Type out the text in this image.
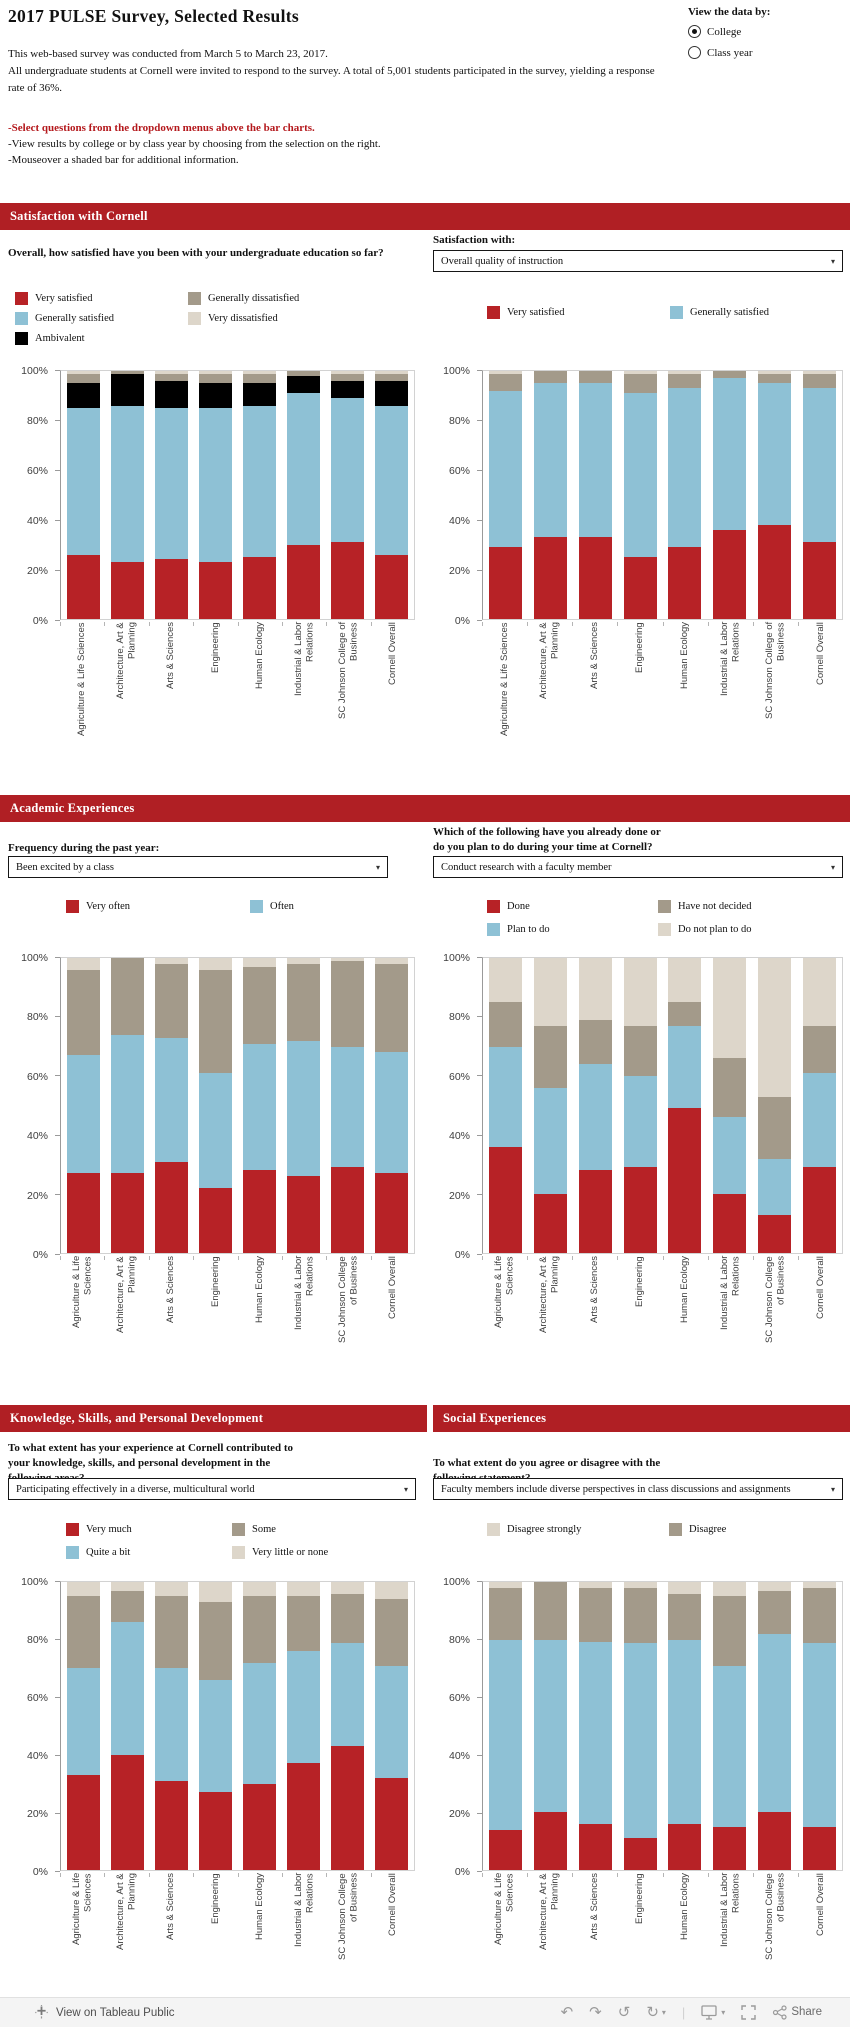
2017 PULSE Survey, Selected Results
This web-based survey was conducted from March 5 to March 23, 2017.
All undergraduate students at Cornell were invited to respond to the survey. A total of 5,001 students participated in the survey, yielding a response rate of 36%.
View the data by:
College
Class year
-Select questions from the dropdown menus above the bar charts.
-View results by college or by class year by choosing from the selection on the right.
-Mouseover a shaded bar for additional information.
Satisfaction with Cornell
Overall, how satisfied have you been with your undergraduate education so far?
Satisfaction with:
Overall quality of instruction	▾
Very satisfied
Generally satisfied
Ambivalent
Generally dissatisfied
Very dissatisfied
Very satisfied	Generally satisfied
0%
20%
40%
60%
80%
100%
Agriculture & Life Sciences	Architecture, Art & Planning	Arts & Sciences	Engineering	Human Ecology	Industrial & Labor Relations SC Johnson College of Business	Cornell Overall
0%
20%
40%
60%
80%
100%
Agriculture & Life Sciences	Architecture, Art & Planning	Arts & Sciences	Engineering	Human Ecology	Industrial & Labor Relations SC Johnson College of Business	Cornell Overall
Academic Experiences
Frequency during the past year:
Been excited by a class	▾
Which of the following have you already done or
do you plan to do during your time at Cornell?
Conduct research with a faculty member	▾
Very often	Often	Done
Plan to do
Have not decided
Do not plan to do
0%
20%
40%
60%
80%
100%
Agriculture & Life Sciences Architecture, Art & Planning	Arts & Sciences	Engineering	Human Ecology	Industrial & Labor Relations SC Johnson College of Business	Cornell Overall
0%
20%
40%
60%
80%
100%
Agriculture & Life Sciences Architecture, Art & Planning	Arts & Sciences	Engineering	Human Ecology	Industrial & Labor Relations SC Johnson College of Business	Cornell Overall
Knowledge, Skills, and Personal Development	Social Experiences
To what extent has your experience at Cornell contributed to
your knowledge, skills, and personal development in the	To what extent do you agree or disagree with the
Participating effectively in a diverse, multicultural world	▾	Faculty members include diverse perspectives in class discussions and assignments	▾
Very much
Quite a bit
Some
Very little or none
Disagree strongly	Disagree
0%
20%
40%
60%
80%
100%
Agriculture & Life Sciences Architecture, Art & Planning	Arts & Sciences	Engineering	Human Ecology	Industrial & Labor Relations SC Johnson College of Business	Cornell Overall
0%
20%
40%
60%
80%
100%
Agriculture & Life Sciences Architecture, Art & Planning	Arts & Sciences	Engineering	Human Ecology	Industrial & Labor Relations SC Johnson College of Business	Cornell Overall
View on Tableau Public	↶ ↷ ↺ ↻ ▾ |	▾	Share
